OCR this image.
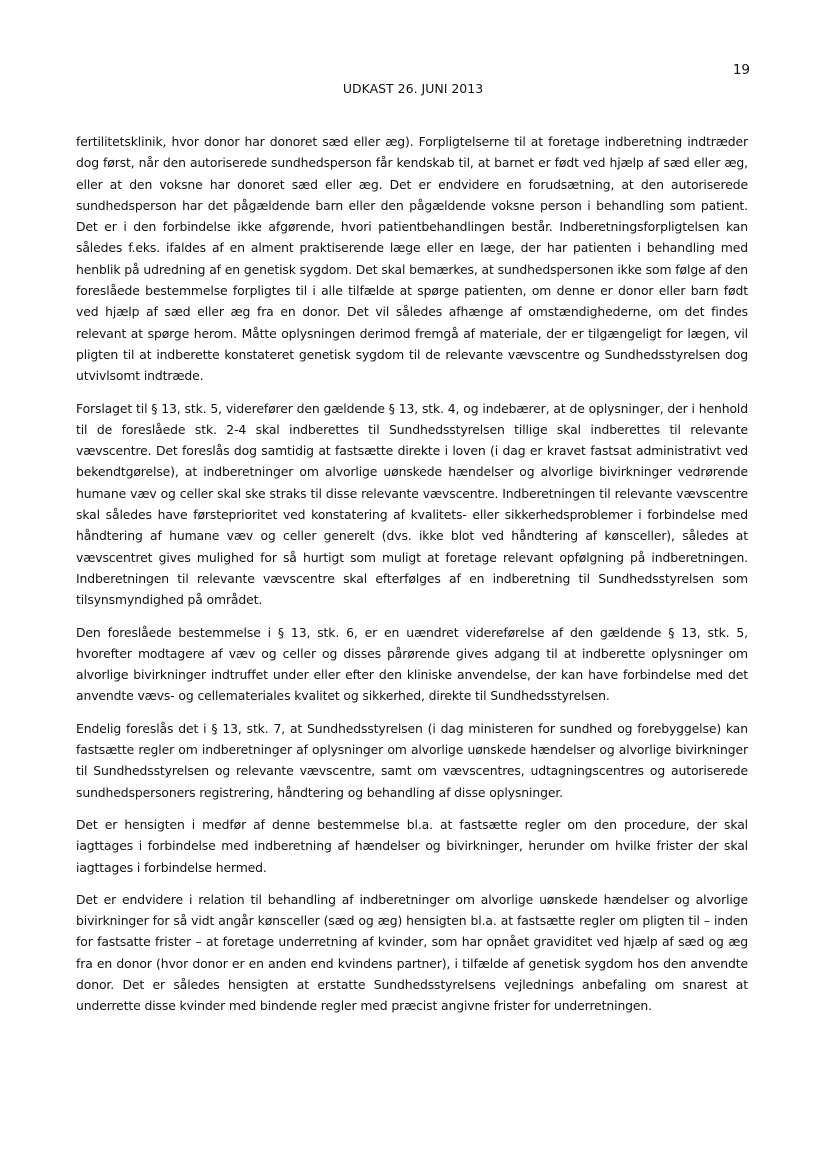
19

UDKAST 26. JUNI 2013

fertilitetsklinik, hvor donor har donoret sæd eller æg). Forpligtelserne til at foretage indberetning indtræder dog først, når den autoriserede sundhedsperson får kendskab til, at barnet er født ved hjælp af sæd eller æg, eller at den voksne har donoret sæd eller æg. Det er endvidere en forudsætning, at den autoriserede sundhedsperson har det pågældende barn eller den pågældende voksne person i behandling som patient. Det er i den forbindelse ikke afgørende, hvori patientbehandlingen består. Indberetningsforpligtelsen kan således f.eks. ifaldes af en alment praktiserende læge eller en læge, der har patienten i behandling med henblik på udredning af en genetisk sygdom. Det skal bemærkes, at sundhedspersonen ikke som følge af den foreslåede bestemmelse forpligtes til i alle tilfælde at spørge patienten, om denne er donor eller barn født ved hjælp af sæd eller æg fra en donor. Det vil således afhænge af omstændighederne, om det findes relevant at spørge herom. Måtte oplysningen derimod fremgå af materiale, der er tilgængeligt for lægen, vil pligten til at indberette konstateret genetisk sygdom til de relevante vævscentre og Sundhedsstyrelsen dog utvivlsomt indtræde.

Forslaget til § 13, stk. 5, viderefører den gældende § 13, stk. 4, og indebærer, at de oplysninger, der i henhold til de foreslåede stk. 2-4 skal indberettes til Sundhedsstyrelsen tillige skal indberettes til relevante vævscentre. Det foreslås dog samtidig at fastsætte direkte i loven (i dag er kravet fastsat administrativt ved bekendtgørelse), at indberetninger om alvorlige uønskede hændelser og alvorlige bivirkninger vedrørende humane væv og celler skal ske straks til disse relevante vævscentre. Indberetningen til relevante vævscentre skal således have førsteprioritet ved konstatering af kvalitets- eller sikkerhedsproblemer i forbindelse med håndtering af humane væv og celler generelt (dvs. ikke blot ved håndtering af kønsceller), således at vævscentret gives mulighed for så hurtigt som muligt at foretage relevant opfølgning på indberetningen. Indberetningen til relevante vævscentre skal efterfølges af en indberetning til Sundhedsstyrelsen som tilsynsmyndighed på området.

Den foreslåede bestemmelse i § 13, stk. 6, er en uændret videreførelse af den gældende § 13, stk. 5, hvorefter modtagere af væv og celler og disses pårørende gives adgang til at indberette oplysninger om alvorlige bivirkninger indtruffet under eller efter den kliniske anvendelse, der kan have forbindelse med det anvendte vævs- og cellemateriales kvalitet og sikkerhed, direkte til Sundhedsstyrelsen.

Endelig foreslås det i § 13, stk. 7, at Sundhedsstyrelsen (i dag ministeren for sundhed og forebyggelse) kan fastsætte regler om indberetninger af oplysninger om alvorlige uønskede hændelser og alvorlige bivirkninger til Sundhedsstyrelsen og relevante vævscentre, samt om vævscentres, udtagningscentres og autoriserede sundhedspersoners registrering, håndtering og behandling af disse oplysninger.

Det er hensigten i medfør af denne bestemmelse bl.a. at fastsætte regler om den procedure, der skal iagttages i forbindelse med indberetning af hændelser og bivirkninger, herunder om hvilke frister der skal iagttages i forbindelse hermed.

Det er endvidere i relation til behandling af indberetninger om alvorlige uønskede hændelser og alvorlige bivirkninger for så vidt angår kønsceller (sæd og æg) hensigten bl.a. at fastsætte regler om pligten til – inden for fastsatte frister – at foretage underretning af kvinder, som har opnået graviditet ved hjælp af sæd og æg fra en donor (hvor donor er en anden end kvindens partner), i tilfælde af genetisk sygdom hos den anvendte donor. Det er således hensigten at erstatte Sundhedsstyrelsens vejlednings anbefaling om snarest at underrette disse kvinder med bindende regler med præcist angivne frister for underretningen.
